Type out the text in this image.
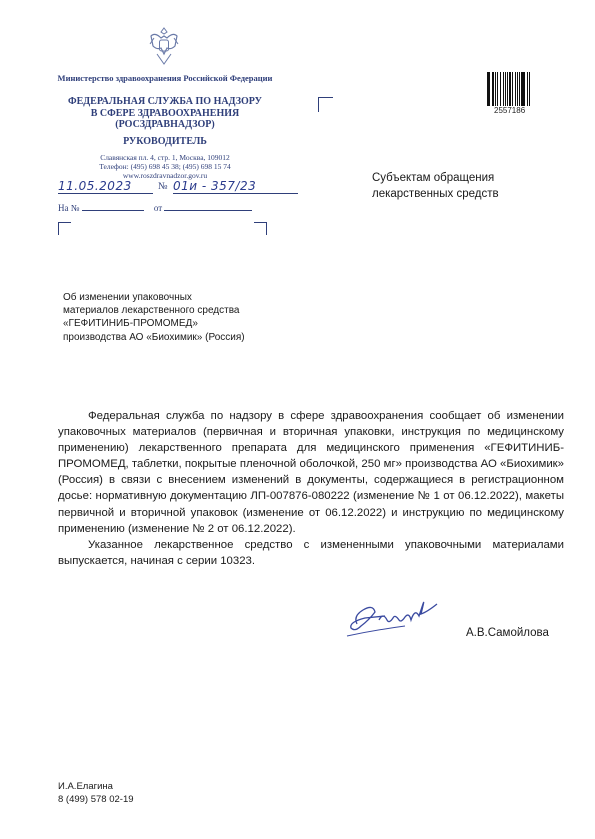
Министерство здравоохранения Российской Федерации
ФЕДЕРАЛЬНАЯ СЛУЖБА ПО НАДЗОРУ
В СФЕРЕ ЗДРАВООХРАНЕНИЯ
(РОСЗДРАВНАДЗОР)
РУКОВОДИТЕЛЬ
Славянская пл. 4, стр. 1, Москва, 109012
Телефон: (495) 698 45 38; (495) 698 15 74
www.roszdravnadzor.gov.ru
11.05.2023	№ 01и - 357/23
На №	от
2557186
Субъектам обращения
лекарственных средств
Об изменении упаковочных
материалов лекарственного средства
«ГЕФИТИНИБ-ПРОМОМЕД»
производства АО «Биохимик» (Россия)

Федеральная служба по надзору в сфере здравоохранения сообщает об изменении упаковочных материалов (первичная и вторичная упаковки, инструкция по медицинскому применению) лекарственного препарата для медицинского применения «ГЕФИТИНИБ-ПРОМОМЕД, таблетки, покрытые пленочной оболочкой, 250 мг» производства АО «Биохимик» (Россия) в связи с внесением изменений в документы, содержащиеся в регистрационном досье: нормативную документацию ЛП-007876-080222 (изменение № 1 от 06.12.2022), макеты первичной и вторичной упаковок (изменение от 06.12.2022) и инструкцию по медицинскому применению (изменение № 2 от 06.12.2022).

Указанное лекарственное средство с измененными упаковочными материалами выпускается, начиная с серии 10323.

А.В.Самойлова
И.А.Елагина
8 (499) 578 02-19
